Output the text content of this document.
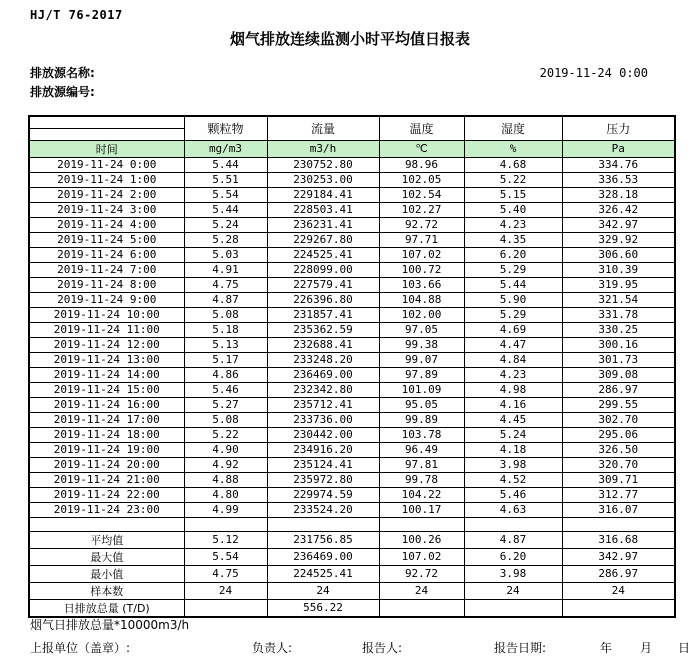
HJ/T 76-2017
烟气排放连续监测小时平均值日报表
排放源名称:
排放源编号:
2019-11-24 0:00
	颗粒物	流量	温度	湿度	压力

时间	mg/m3	m3/h	℃	%	Pa
2019-11-24 0:00	5.44	230752.80	98.96	4.68	334.76
2019-11-24 1:00	5.51	230253.00	102.05	5.22	336.53
2019-11-24 2:00	5.54	229184.41	102.54	5.15	328.18
2019-11-24 3:00	5.44	228503.41	102.27	5.40	326.42
2019-11-24 4:00	5.24	236231.41	92.72	4.23	342.97
2019-11-24 5:00	5.28	229267.80	97.71	4.35	329.92
2019-11-24 6:00	5.03	224525.41	107.02	6.20	306.60
2019-11-24 7:00	4.91	228099.00	100.72	5.29	310.39
2019-11-24 8:00	4.75	227579.41	103.66	5.44	319.95
2019-11-24 9:00	4.87	226396.80	104.88	5.90	321.54
2019-11-24 10:00	5.08	231857.41	102.00	5.29	331.78
2019-11-24 11:00	5.18	235362.59	97.05	4.69	330.25
2019-11-24 12:00	5.13	232688.41	99.38	4.47	300.16
2019-11-24 13:00	5.17	233248.20	99.07	4.84	301.73
2019-11-24 14:00	4.86	236469.00	97.89	4.23	309.08
2019-11-24 15:00	5.46	232342.80	101.09	4.98	286.97
2019-11-24 16:00	5.27	235712.41	95.05	4.16	299.55
2019-11-24 17:00	5.08	233736.00	99.89	4.45	302.70
2019-11-24 18:00	5.22	230442.00	103.78	5.24	295.06
2019-11-24 19:00	4.90	234916.20	96.49	4.18	326.50
2019-11-24 20:00	4.92	235124.41	97.81	3.98	320.70
2019-11-24 21:00	4.88	235972.80	99.78	4.52	309.71
2019-11-24 22:00	4.80	229974.59	104.22	5.46	312.77
2019-11-24 23:00	4.99	233524.20	100.17	4.63	316.07

平均值	5.12	231756.85	100.26	4.87	316.68
最大值	5.54	236469.00	107.02	6.20	342.97
最小值	4.75	224525.41	92.72	3.98	286.97
样本数	24	24	24	24	24
日排放总量 (T/D)		556.22			
烟气日排放总量*10000m3/h
上报单位（盖章）:	负责人:	报告人:	报告日期:	年 月 日
